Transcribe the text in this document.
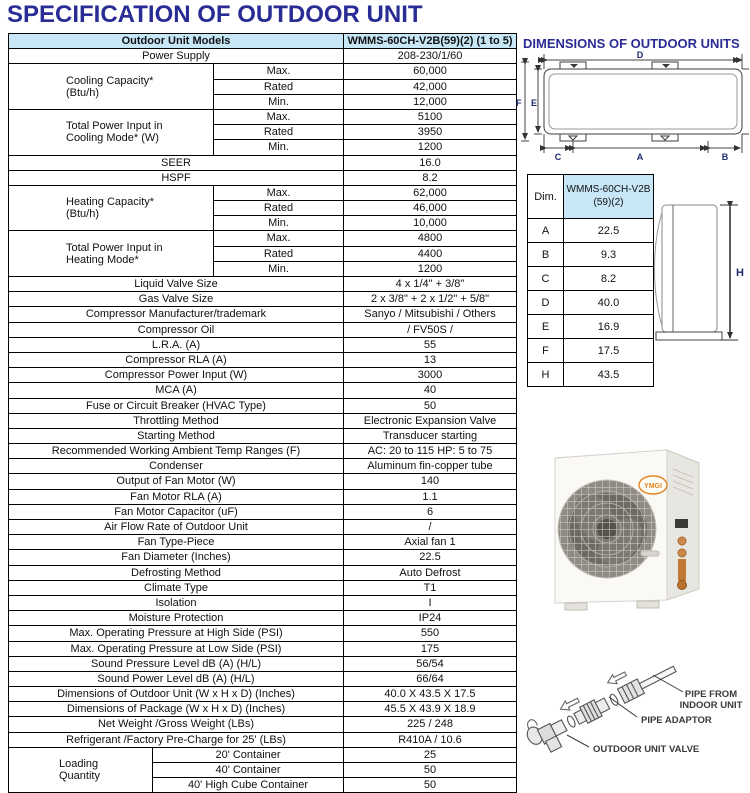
SPECIFICATION OF OUTDOOR UNIT
Outdoor Unit Models			WMMS-60CH-V2B(59)(2) (1 to 5)

Power Supply			208-230/1/60

Cooling Capacity*
(Btu/h)		Max.	60,000
		Rated	42,000
		Min.	12,000

Total Power Input in
Cooling Mode* (W)		Max.	5100
		Rated	3950
		Min.	1200
SEER			16.0
HSPF			8.2

Heating Capacity*
(Btu/h)		Max.	62,000
		Rated	46,000
		Min.	10,000

Total Power Input in
Heating Mode*		Max.	4800
		Rated	4400
		Min.	1200
Liquid Valve Size			4 x 1/4" + 3/8"
Gas Valve Size			2 x 3/8" + 2 x 1/2" + 5/8"
Compressor Manufacturer/trademark			Sanyo / Mitsubishi / Others
Compressor Oil			/ FV50S /
L.R.A. (A)			55
Compressor RLA (A)			13
Compressor Power Input (W)			3000
MCA (A)			40
Fuse or Circuit Breaker (HVAC Type)			50
Throttling Method			Electronic Expansion Valve
Starting Method			Transducer starting
Recommended Working Ambient Temp Ranges (F)			AC: 20 to 115 HP: 5 to 75
Condenser			Aluminum fin-copper tube
Output of Fan Motor (W)			140
Fan Motor RLA (A)			1.1
Fan Motor Capacitor (uF)			6
Air Flow Rate of Outdoor Unit			/
Fan Type-Piece			Axial fan 1
Fan Diameter (Inches)			22.5
Defrosting Method			Auto Defrost
Climate Type			T1
Isolation			I
Moisture Protection			IP24
Max. Operating Pressure at High Side (PSI)			550
Max. Operating Pressure at Low Side (PSI)			175
Sound Pressure Level dB (A) (H/L)			56/54
Sound Power Level dB (A) (H/L)			66/64
Dimensions of Outdoor Unit (W x H x D) (Inches)			40.0 X 43.5 X 17.5
Dimensions of Package (W x H x D) (Inches)			45.5 X 43.9 X 18.9
Net Weight /Gross Weight (LBs)			225 / 248
Refrigerant /Factory Pre-Charge for 25' (LBs)			R410A / 10.6

Loading
Quantity	20' Container		25
	40' Container		50
	40' High Cube Container		50
DIMENSIONS OF OUTDOOR UNITS
D
F E
C	A	B
Dim.	WMMS-60CH-V2B
(59)(2)

A	22.5
B	9.3
C	8.2
D	40.0
E	16.9
F	17.5
H	43.5
H
YMGI
PIPE FROM
INDOOR UNIT
PIPE ADAPTOR
OUTDOOR UNIT VALVE
